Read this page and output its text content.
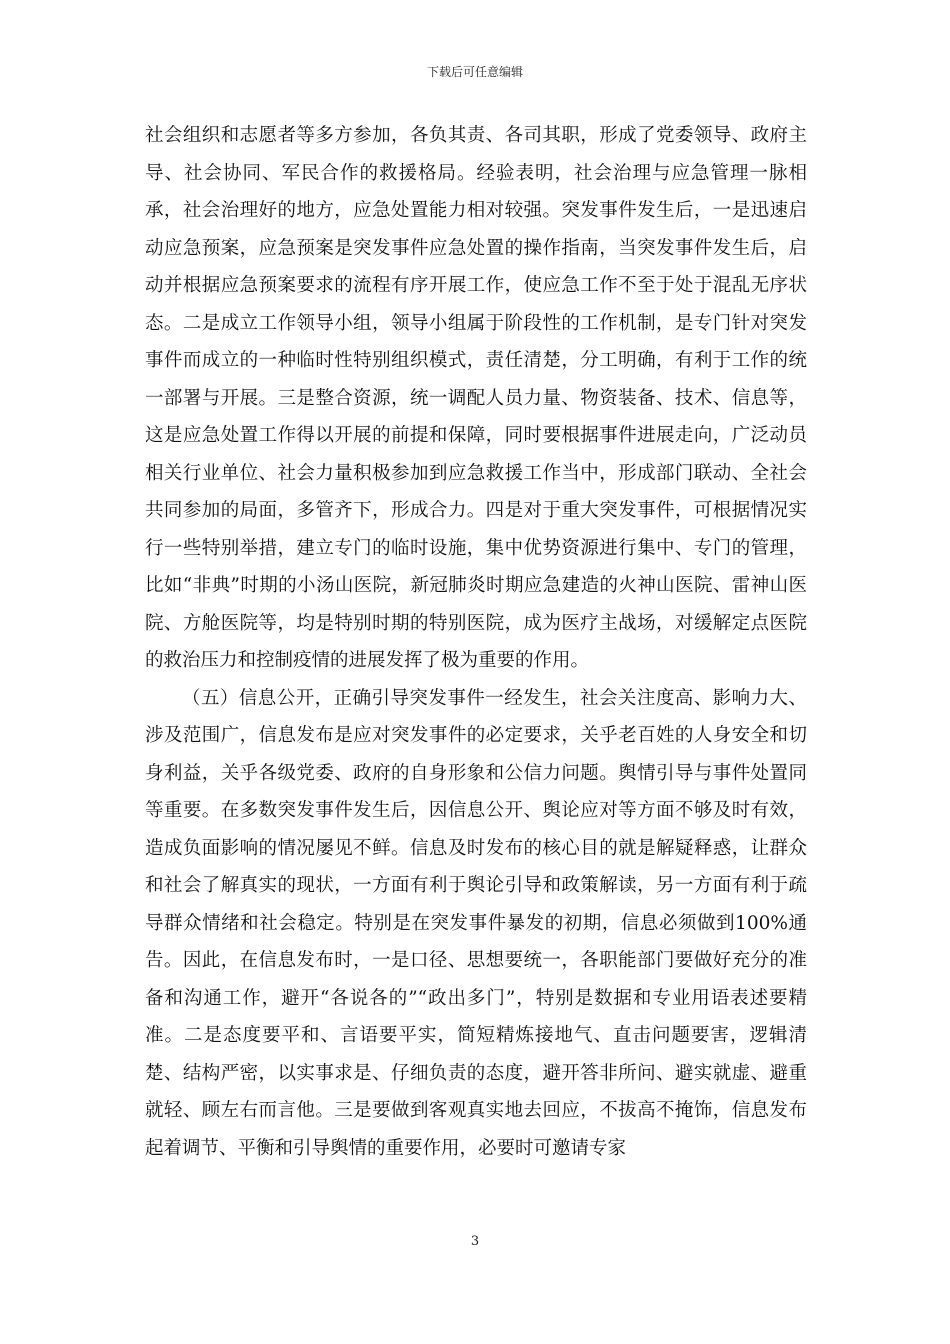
下载后可任意编辑

社会组织和志愿者等多方参加，各负其责、各司其职，形成了党委领导、政府主导、社会协同、军民合作的救援格局。经验表明，社会治理与应急管理一脉相承，社会治理好的地方，应急处置能力相对较强。突发事件发生后，一是迅速启动应急预案，应急预案是突发事件应急处置的操作指南，当突发事件发生后，启动并根据应急预案要求的流程有序开展工作，使应急工作不至于处于混乱无序状态。二是成立工作领导小组，领导小组属于阶段性的工作机制，是专门针对突发事件而成立的一种临时性特别组织模式，责任清楚，分工明确，有利于工作的统一部署与开展。三是整合资源，统一调配人员力量、物资装备、技术、信息等，这是应急处置工作得以开展的前提和保障，同时要根据事件进展走向，广泛动员相关行业单位、社会力量积极参加到应急救援工作当中，形成部门联动、全社会共同参加的局面，多管齐下，形成合力。四是对于重大突发事件，可根据情况实行一些特别举措，建立专门的临时设施，集中优势资源进行集中、专门的管理，比如“非典”时期的小汤山医院，新冠肺炎时期应急建造的火神山医院、雷神山医院、方舱医院等，均是特别时期的特别医院，成为医疗主战场，对缓解定点医院的救治压力和控制疫情的进展发挥了极为重要的作用。

（五）信息公开，正确引导突发事件一经发生，社会关注度高、影响力大、涉及范围广，信息发布是应对突发事件的必定要求，关乎老百姓的人身安全和切身利益，关乎各级党委、政府的自身形象和公信力问题。舆情引导与事件处置同等重要。在多数突发事件发生后，因信息公开、舆论应对等方面不够及时有效，造成负面影响的情况屡见不鲜。信息及时发布的核心目的就是解疑释惑，让群众和社会了解真实的现状，一方面有利于舆论引导和政策解读，另一方面有利于疏导群众情绪和社会稳定。特别是在突发事件暴发的初期，信息必须做到100%通告。因此，在信息发布时，一是口径、思想要统一，各职能部门要做好充分的准备和沟通工作，避开“各说各的”“政出多门”，特别是数据和专业用语表述要精准。二是态度要平和、言语要平实，简短精炼接地气、直击问题要害，逻辑清楚、结构严密，以实事求是、仔细负责的态度，避开答非所问、避实就虚、避重就轻、顾左右而言他。三是要做到客观真实地去回应，不拔高不掩饰，信息发布起着调节、平衡和引导舆情的重要作用，必要时可邀请专家

3
